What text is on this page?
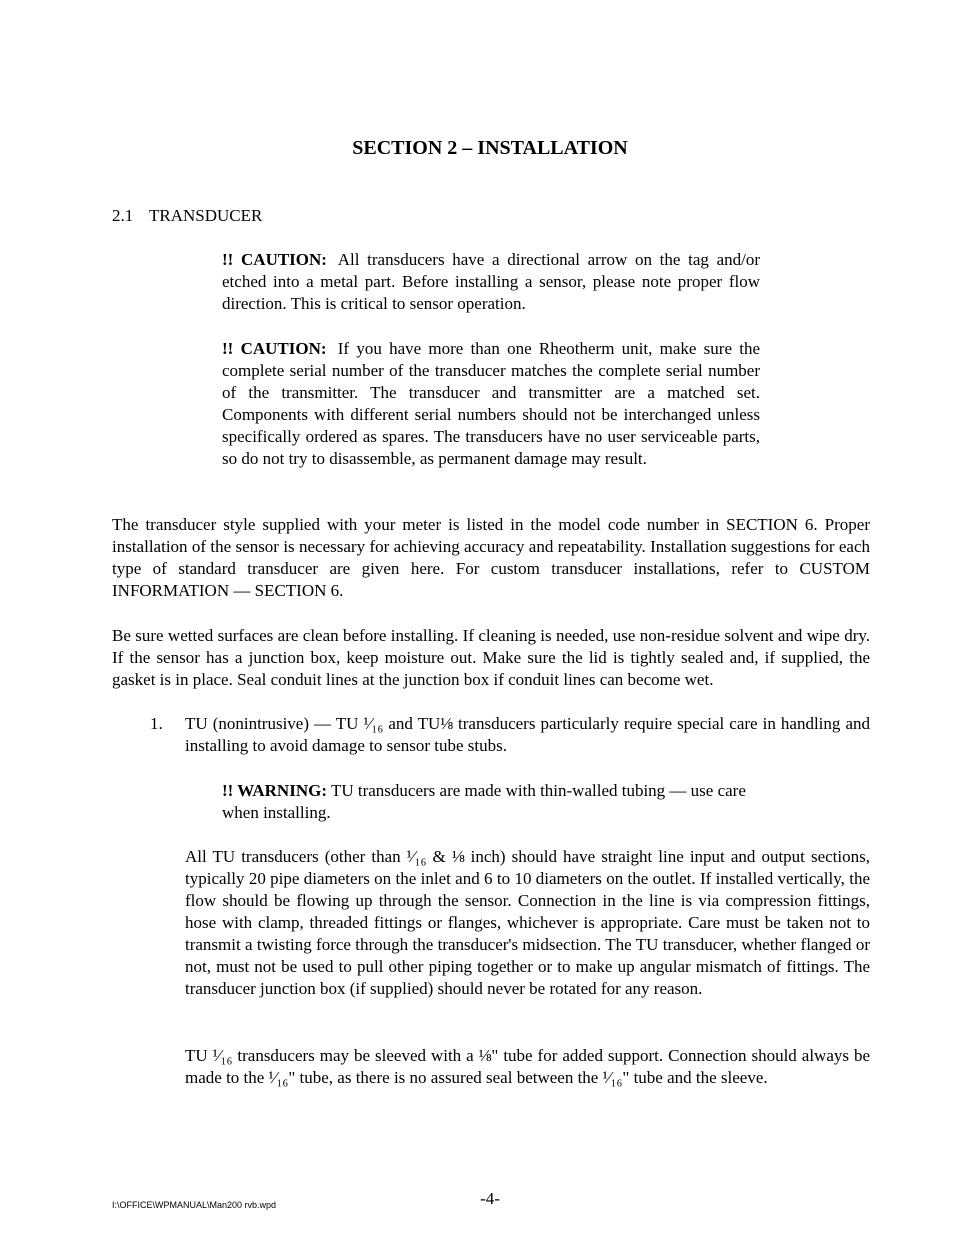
SECTION 2 – INSTALLATION
2.1 TRANSDUCER

!! CAUTION: All transducers have a directional arrow on the tag and/or etched into a metal part. Before installing a sensor, please note proper flow direction. This is critical to sensor operation.

!! CAUTION: If you have more than one Rheotherm unit, make sure the complete serial number of the transducer matches the complete serial number of the transmitter. The transducer and transmitter are a matched set. Components with different serial numbers should not be interchanged unless specifically ordered as spares. The transducers have no user serviceable parts, so do not try to disassemble, as permanent damage may result.

The transducer style supplied with your meter is listed in the model code number in SECTION 6. Proper installation of the sensor is necessary for achieving accuracy and repeatability. Installation suggestions for each type of standard transducer are given here. For custom transducer installations, refer to CUSTOM INFORMATION — SECTION 6.
Be sure wetted surfaces are clean before installing. If cleaning is needed, use non-residue solvent and wipe dry. If the sensor has a junction box, keep moisture out. Make sure the lid is tightly sealed and, if supplied, the gasket is in place. Seal conduit lines at the junction box if conduit lines can become wet.
1. TU (nonintrusive) — TU ¹⁄₁₆ and TU⅛ transducers particularly require special care in handling and installing to avoid damage to sensor tube stubs.

!! WARNING: TU transducers are made with thin-walled tubing — use care when installing.

All TU transducers (other than ¹⁄₁₆ & ⅛ inch) should have straight line input and output sections, typically 20 pipe diameters on the inlet and 6 to 10 diameters on the outlet. If installed vertically, the flow should be flowing up through the sensor. Connection in the line is via compression fittings, hose with clamp, threaded fittings or flanges, whichever is appropriate. Care must be taken not to transmit a twisting force through the transducer's midsection. The TU transducer, whether flanged or not, must not be used to pull other piping together or to make up angular mismatch of fittings. The transducer junction box (if supplied) should never be rotated for any reason.
TU ¹⁄₁₆ transducers may be sleeved with a ⅛" tube for added support. Connection should always be made to the ¹⁄₁₆" tube, as there is no assured seal between the ¹⁄₁₆" tube and the sleeve.
I:\OFFICE\WPMANUAL\Man200 rvb.wpd	-4-
